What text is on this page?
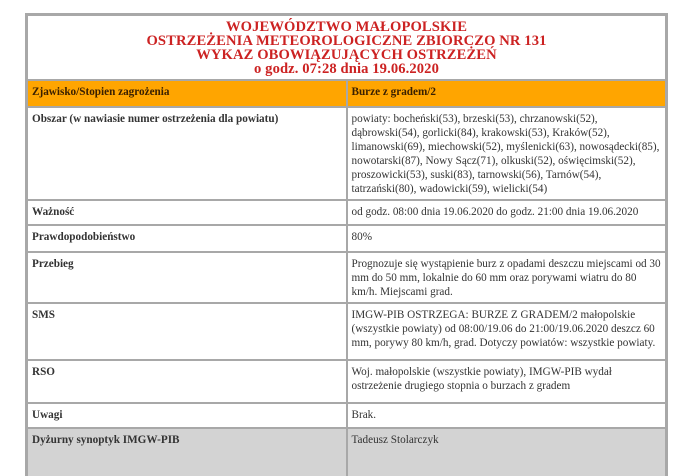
WOJEWÓDZTWO MAŁOPOLSKIE
OSTRZEŻENIA METEOROLOGICZNE ZBIORCZO NR 131
WYKAZ OBOWIĄZUJĄCYCH OSTRZEŻEŃ
o godz. 07:28 dnia 19.06.2020	

Zjawisko/Stopien zagrożenia	Burze z gradem/2
Obszar (w nawiasie numer ostrzeżenia dla powiatu)	powiaty: bocheński(53), brzeski(53), chrzanowski(52), dąbrowski(54), gorlicki(84), krakowski(53), Kraków(52), limanowski(69), miechowski(52), myślenicki(63), nowosądecki(85), nowotarski(87), Nowy Sącz(71), olkuski(52), oświęcimski(52), proszowicki(53), suski(83), tarnowski(56), Tarnów(54), tatrzański(80), wadowicki(59), wielicki(54)
Ważność	od godz. 08:00 dnia 19.06.2020 do godz. 21:00 dnia 19.06.2020
Prawdopodobieństwo	80%
Przebieg	Prognozuje się wystąpienie burz z opadami deszczu miejscami od 30 mm do 50 mm, lokalnie do 60 mm oraz porywami wiatru do 80 km/h. Miejscami grad.
SMS	IMGW-PIB OSTRZEGA: BURZE Z GRADEM/2 małopolskie (wszystkie powiaty) od 08:00/19.06 do 21:00/19.06.2020 deszcz 60 mm, porywy 80 km/h, grad. Dotyczy powiatów: wszystkie powiaty.
RSO	Woj. małopolskie (wszystkie powiaty), IMGW-PIB wydał ostrzeżenie drugiego stopnia o burzach z gradem
Uwagi	Brak.
Dyżurny synoptyk IMGW-PIB	Tadeusz Stolarczyk
